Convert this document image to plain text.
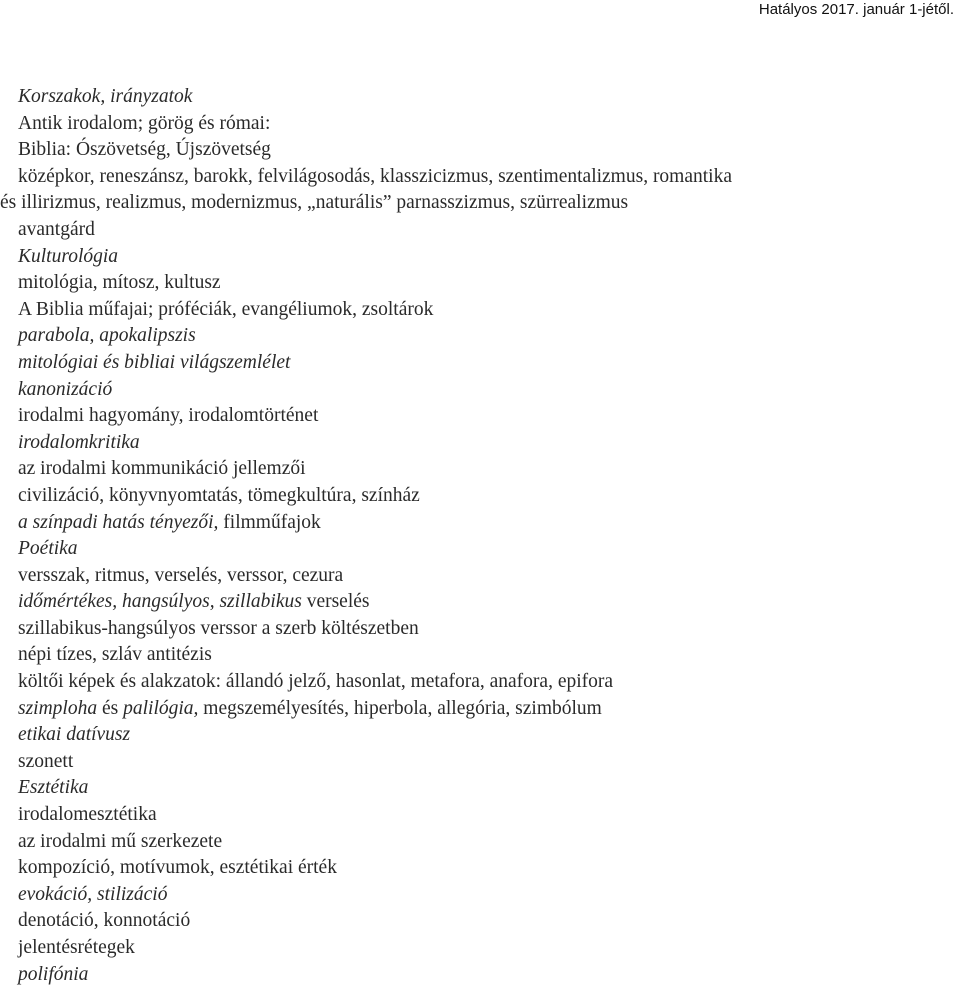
Hatályos 2017. január 1-jétől.
Korszakok, irányzatok
Antik irodalom; görög és római:
Biblia: Ószövetség, Újszövetség
középkor, reneszánsz, barokk, felvilágosodás, klasszicizmus, szentimentalizmus, romantika
és illirizmus, realizmus, modernizmus, „naturális” parnasszizmus, szürrealizmus
avantgárd
Kulturológia
mitológia, mítosz, kultusz
A Biblia műfajai; próféciák, evangéliumok, zsoltárok
parabola, apokalipszis
mitológiai és bibliai világszemlélet
kanonizáció
irodalmi hagyomány, irodalomtörténet
irodalomkritika
az irodalmi kommunikáció jellemzői
civilizáció, könyvnyomtatás, tömegkultúra, színház
a színpadi hatás tényezői, filmműfajok
Poétika
versszak, ritmus, verselés, verssor, cezura
időmértékes, hangsúlyos, szillabikus verselés
szillabikus-hangsúlyos verssor a szerb költészetben
népi tízes, szláv antitézis
költői képek és alakzatok: állandó jelző, hasonlat, metafora, anafora, epifora
szimploha és palilógia, megszemélyesítés, hiperbola, allegória, szimbólum
etikai datívusz
szonett
Esztétika
irodalomesztétika
az irodalmi mű szerkezete
kompozíció, motívumok, esztétikai érték
evokáció, stilizáció
denotáció, konnotáció
jelentésrétegek
polifónia
